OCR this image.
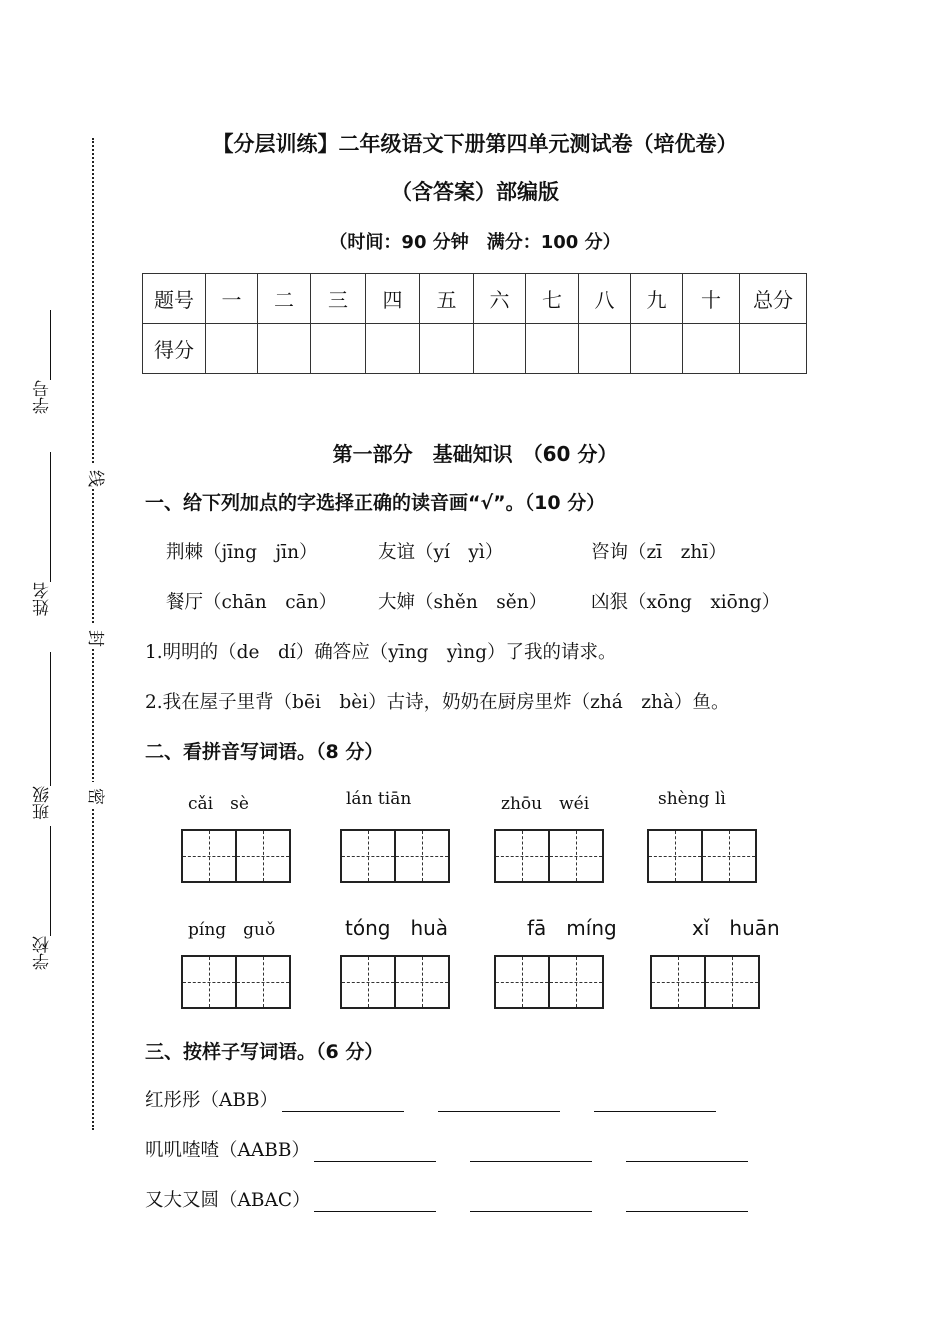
学号
姓名
班级
学校
线
封
密
【分层训练】二年级语文下册第四单元测试卷（培优卷）
（含答案）部编版
（时间：90 分钟　满分：100 分）
题号	一	二	三	四	五	六	七	八	九	十	总分
得分											
第一部分　基础知识　（60 分）
一、给下列加点的字选择正确的读音画“√”。（10 分）
荆棘（jīng　jīn）	友谊（yí　yì）	咨询（zī　zhī）
餐厅（chān　cān） 大婶（shěn　sěn） 凶狠（xōng　xiōng）
1.明明的（de　dí）确答应（yīng　yìng）了我的请求。
2.我在屋子里背（bēi　bèi）古诗，奶奶在厨房里炸（zhá　zhà）鱼。
二、看拼音写词语。（8 分）
cǎi　sè	lán tiān	zhōu　wéi	shèng lì
píng　guǒ	tóng　huà	fā　míng	xǐ　huān
三、按样子写词语。（6 分）
红彤彤（ABB）
叽叽喳喳（AABB）
又大又圆（ABAC）
